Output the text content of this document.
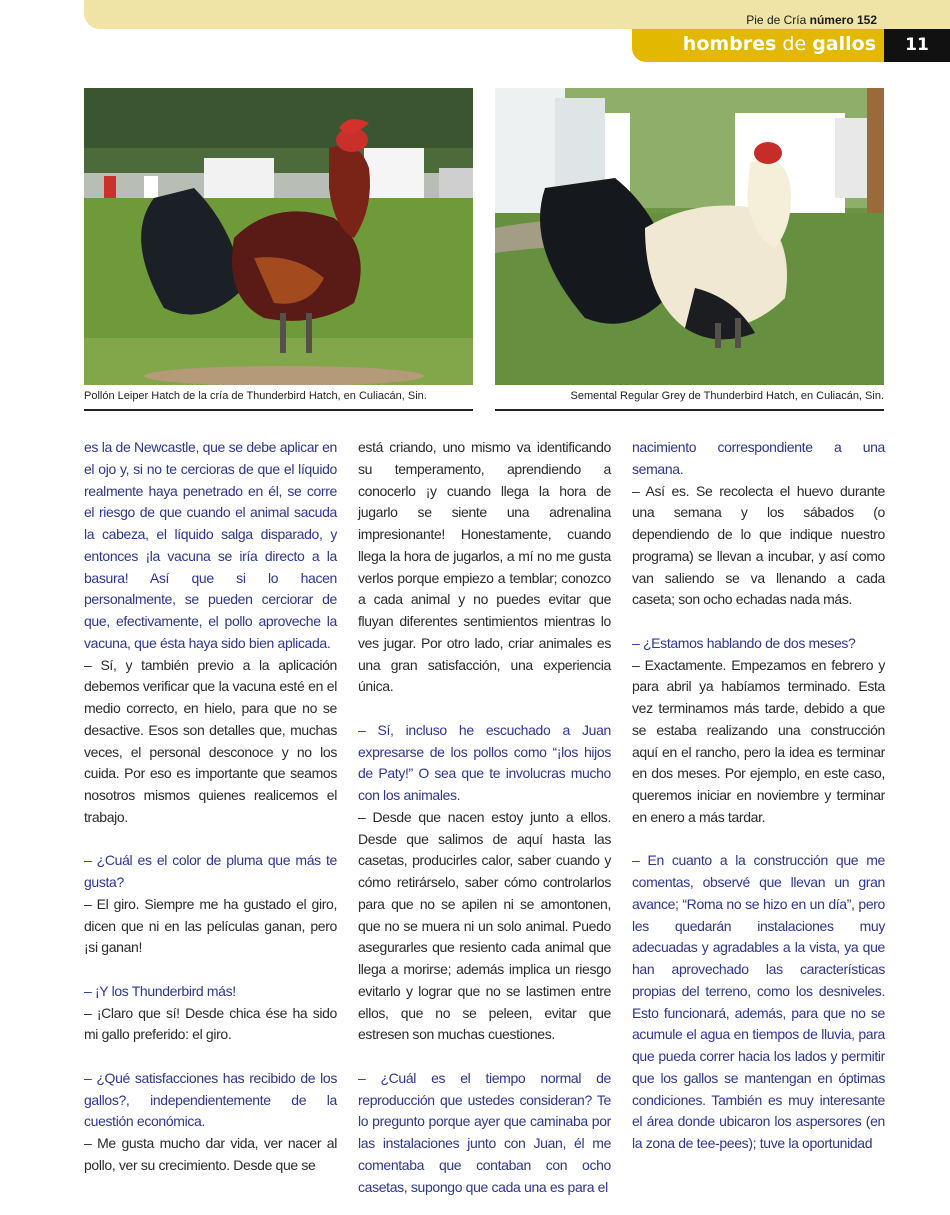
Pie de Cría número 152
hombres de gallos	11
Pollón Leiper Hatch de la cría de Thunderbird Hatch, en Culiacán, Sin.	Semental Regular Grey de Thunderbird Hatch, en Culiacán, Sin.

es la de Newcastle, que se debe aplicar en el ojo y, si no te cercioras de que el líquido realmente haya penetrado en él, se corre el riesgo de que cuando el animal sacuda la cabeza, el líquido salga disparado, y entonces ¡la vacuna se iría directo a la basura! Así que si lo hacen personalmente, se pueden cerciorar de que, efectivamente, el pollo aproveche la vacuna, que ésta haya sido bien aplicada.

– Sí, y también previo a la aplicación debemos verificar que la vacuna esté en el medio correcto, en hielo, para que no se desactive. Esos son detalles que, muchas veces, el personal desconoce y no los cuida. Por eso es importante que seamos nosotros mismos quienes realicemos el trabajo.

– ¿Cuál es el color de pluma que más te gusta?

– El giro. Siempre me ha gustado el giro, dicen que ni en las películas ganan, pero ¡si ganan!

– ¡Y los Thunderbird más!

– ¡Claro que sí! Desde chica ése ha sido mi gallo preferido: el giro.

– ¿Qué satisfacciones has recibido de los gallos?, independientemente de la cuestión económica.

– Me gusta mucho dar vida, ver nacer al pollo, ver su crecimiento. Desde que se

está criando, uno mismo va identificando su temperamento, aprendiendo a conocerlo ¡y cuando llega la hora de jugarlo se siente una adrenalina impresionante! Honestamente, cuando llega la hora de jugarlos, a mí no me gusta verlos porque empiezo a temblar; conozco a cada animal y no puedes evitar que fluyan diferentes sentimientos mientras lo ves jugar. Por otro lado, criar animales es una gran satisfacción, una experiencia única.

– Sí, incluso he escuchado a Juan expresarse de los pollos como “¡los hijos de Paty!” O sea que te involucras mucho con los animales.

– Desde que nacen estoy junto a ellos. Desde que salimos de aquí hasta las casetas, producirles calor, saber cuando y cómo retirárselo, saber cómo controlarlos para que no se apilen ni se amontonen, que no se muera ni un solo animal. Puedo asegurarles que resiento cada animal que llega a morirse; además implica un riesgo evitarlo y lograr que no se lastimen entre ellos, que no se peleen, evitar que estresen son muchas cuestiones.

– ¿Cuál es el tiempo normal de reproducción que ustedes consideran? Te lo pregunto porque ayer que caminaba por las instalaciones junto con Juan, él me comentaba que contaban con ocho casetas, supongo que cada una es para el

nacimiento correspondiente a una semana.

– Así es. Se recolecta el huevo durante una semana y los sábados (o dependiendo de lo que indique nuestro programa) se llevan a incubar, y así como van saliendo se va llenando a cada caseta; son ocho echadas nada más.

– ¿Estamos hablando de dos meses?

– Exactamente. Empezamos en febrero y para abril ya habíamos terminado. Esta vez terminamos más tarde, debido a que se estaba realizando una construcción aquí en el rancho, pero la idea es terminar en dos meses. Por ejemplo, en este caso, queremos iniciar en noviembre y terminar en enero a más tardar.

– En cuanto a la construcción que me comentas, observé que llevan un gran avance; “Roma no se hizo en un día”, pero les quedarán instalaciones muy adecuadas y agradables a la vista, ya que han aprovechado las características propias del terreno, como los desniveles. Esto funcionará, además, para que no se acumule el agua en tiempos de lluvia, para que pueda correr hacia los lados y permitir que los gallos se mantengan en óptimas condiciones. También es muy interesante el área donde ubicaron los aspersores (en la zona de tee-pees); tuve la oportunidad
